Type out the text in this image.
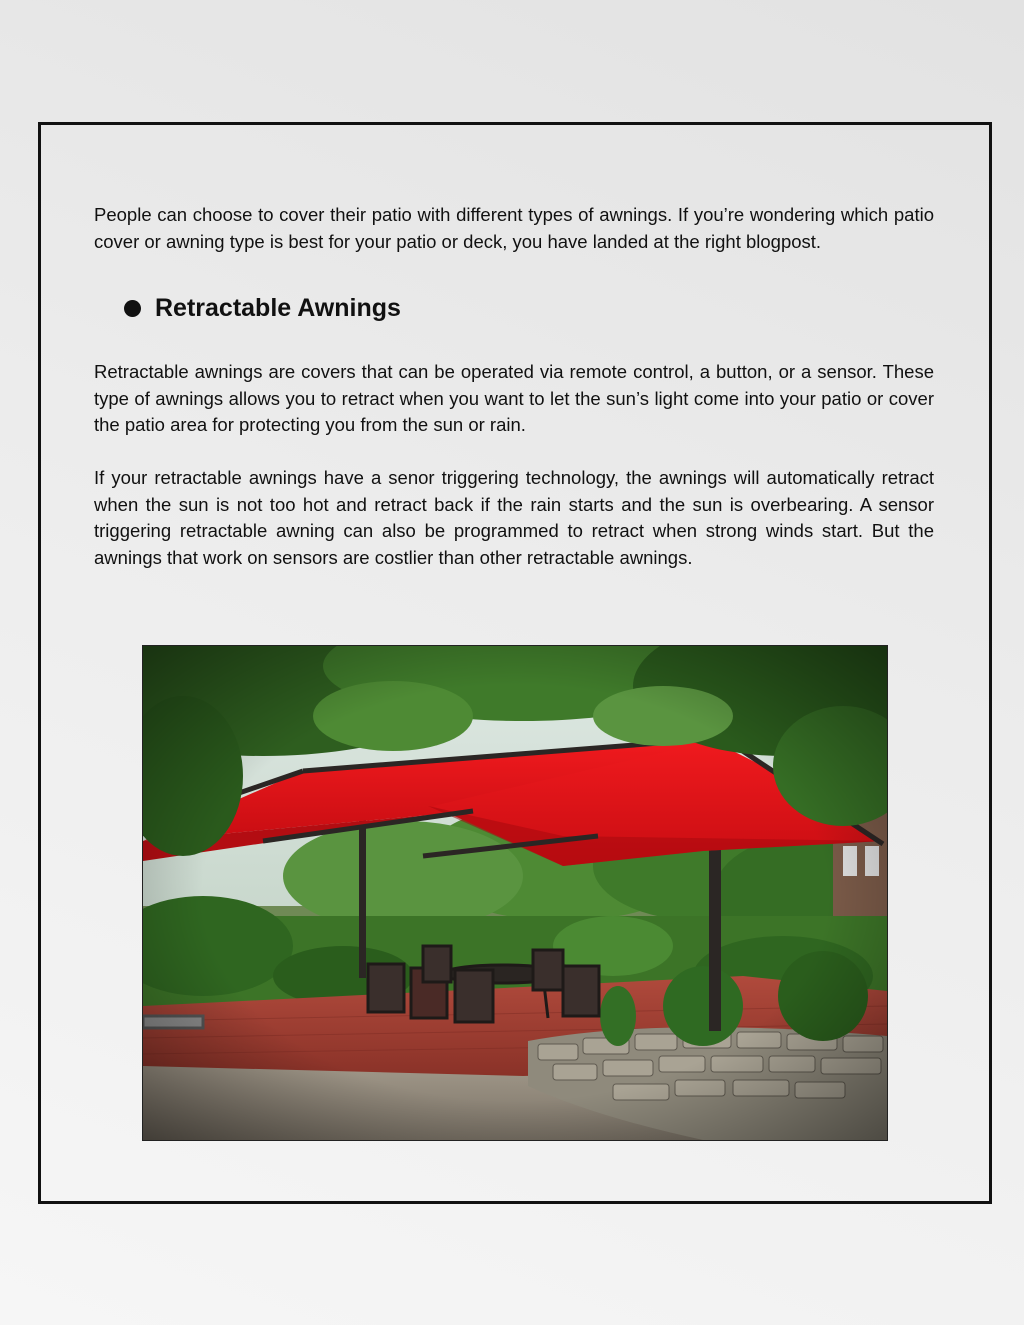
People can choose to cover their patio with different types of awnings. If you’re wondering which patio cover or awning type is best for your patio or deck, you have landed at the right blogpost.

Retractable Awnings

Retractable awnings are covers that can be operated via remote control, a button, or a sensor. These type of awnings allows you to retract when you want to let the sun’s light come into your patio or cover the patio area for protecting you from the sun or rain.

If your retractable awnings have a senor triggering technology, the awnings will automatically retract when the sun is not too hot and retract back if the rain starts and the sun is overbearing. A sensor triggering retractable awning can also be programmed to retract when strong winds start. But the awnings that work on sensors are costlier than other retractable awnings.
